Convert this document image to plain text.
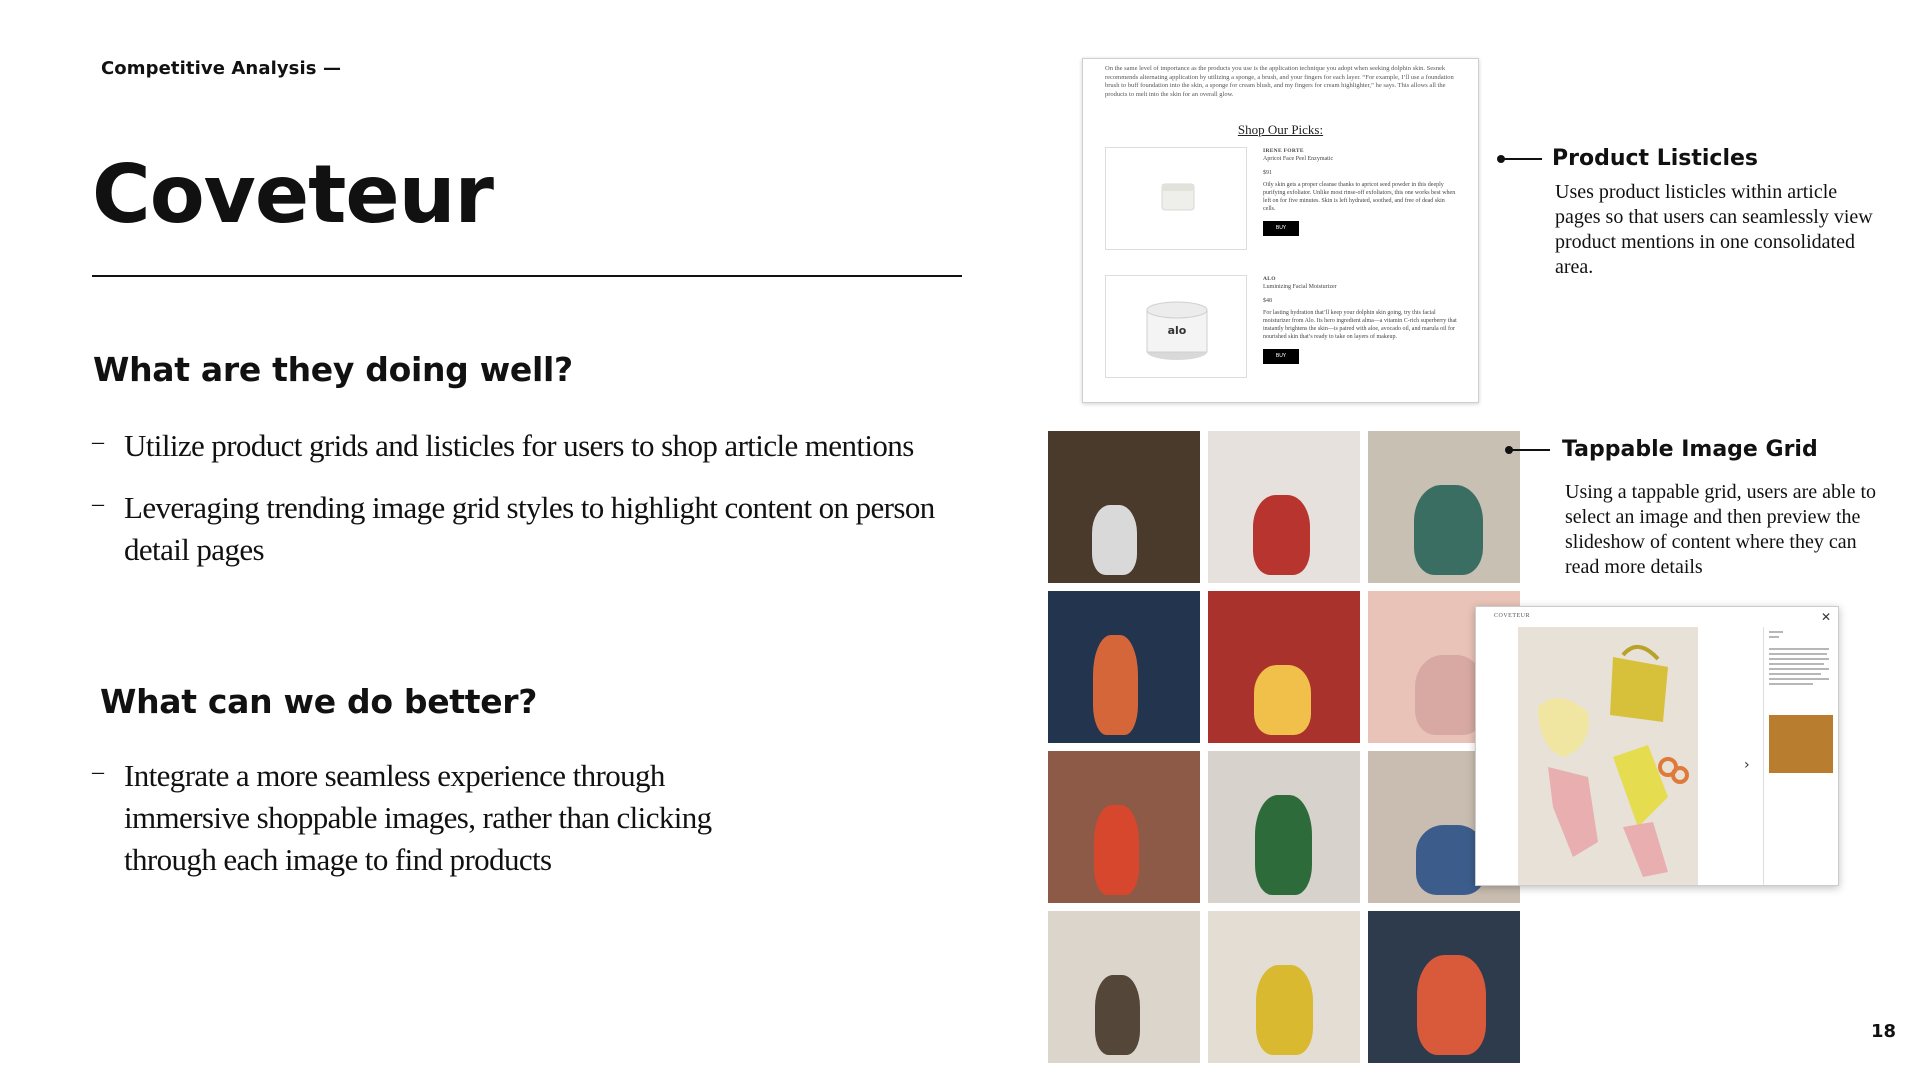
Competitive Analysis —
Coveteur
What are they doing well?
– Utilize product grids and listicles for users to shop article mentions
– Leveraging trending image grid styles to highlight content on person detail pages
What can we do better?
– Integrate a more seamless experience through immersive shoppable images, rather than clicking through each image to find products
On the same level of importance as the products you use is the application technique you adopt when seeking dolphin skin. Sesnek recommends alternating application by utilizing a sponge, a brush, and your fingers for each layer. “For example, I’ll use a foundation brush to buff foundation into the skin, a sponge for cream blush, and my fingers for cream highlighter,” he says. This allows all the products to melt into the skin for an overall glow.
Shop Our Picks:
IRENE FORTE
Apricot Face Peel Enzymatic
$91
Oily skin gets a proper cleanse thanks to apricot seed powder in this deeply purifying exfoliator. Unlike most rinse-off exfoliators, this one works best when left on for five minutes. Skin is left hydrated, soothed, and free of dead skin cells.
BUY
alo
ALO
Luminizing Facial Moisturizer
$48
For lasting hydration that’ll keep your dolphin skin going, try this facial moisturizer from Alo. Its hero ingredient alma—a vitamin C-rich superberry that instantly brightens the skin—is paired with aloe, avocado oil, and marula oil for nourished skin that’s ready to take on layers of makeup.
BUY
Product Listicles
Uses product listicles within article pages so that users can seamlessly view product mentions in one consolidated area.
Tappable Image Grid
Using a tappable grid, users are able to select an image and then preview the slideshow of content where they can read more details
COVETEUR	✕
›
18
